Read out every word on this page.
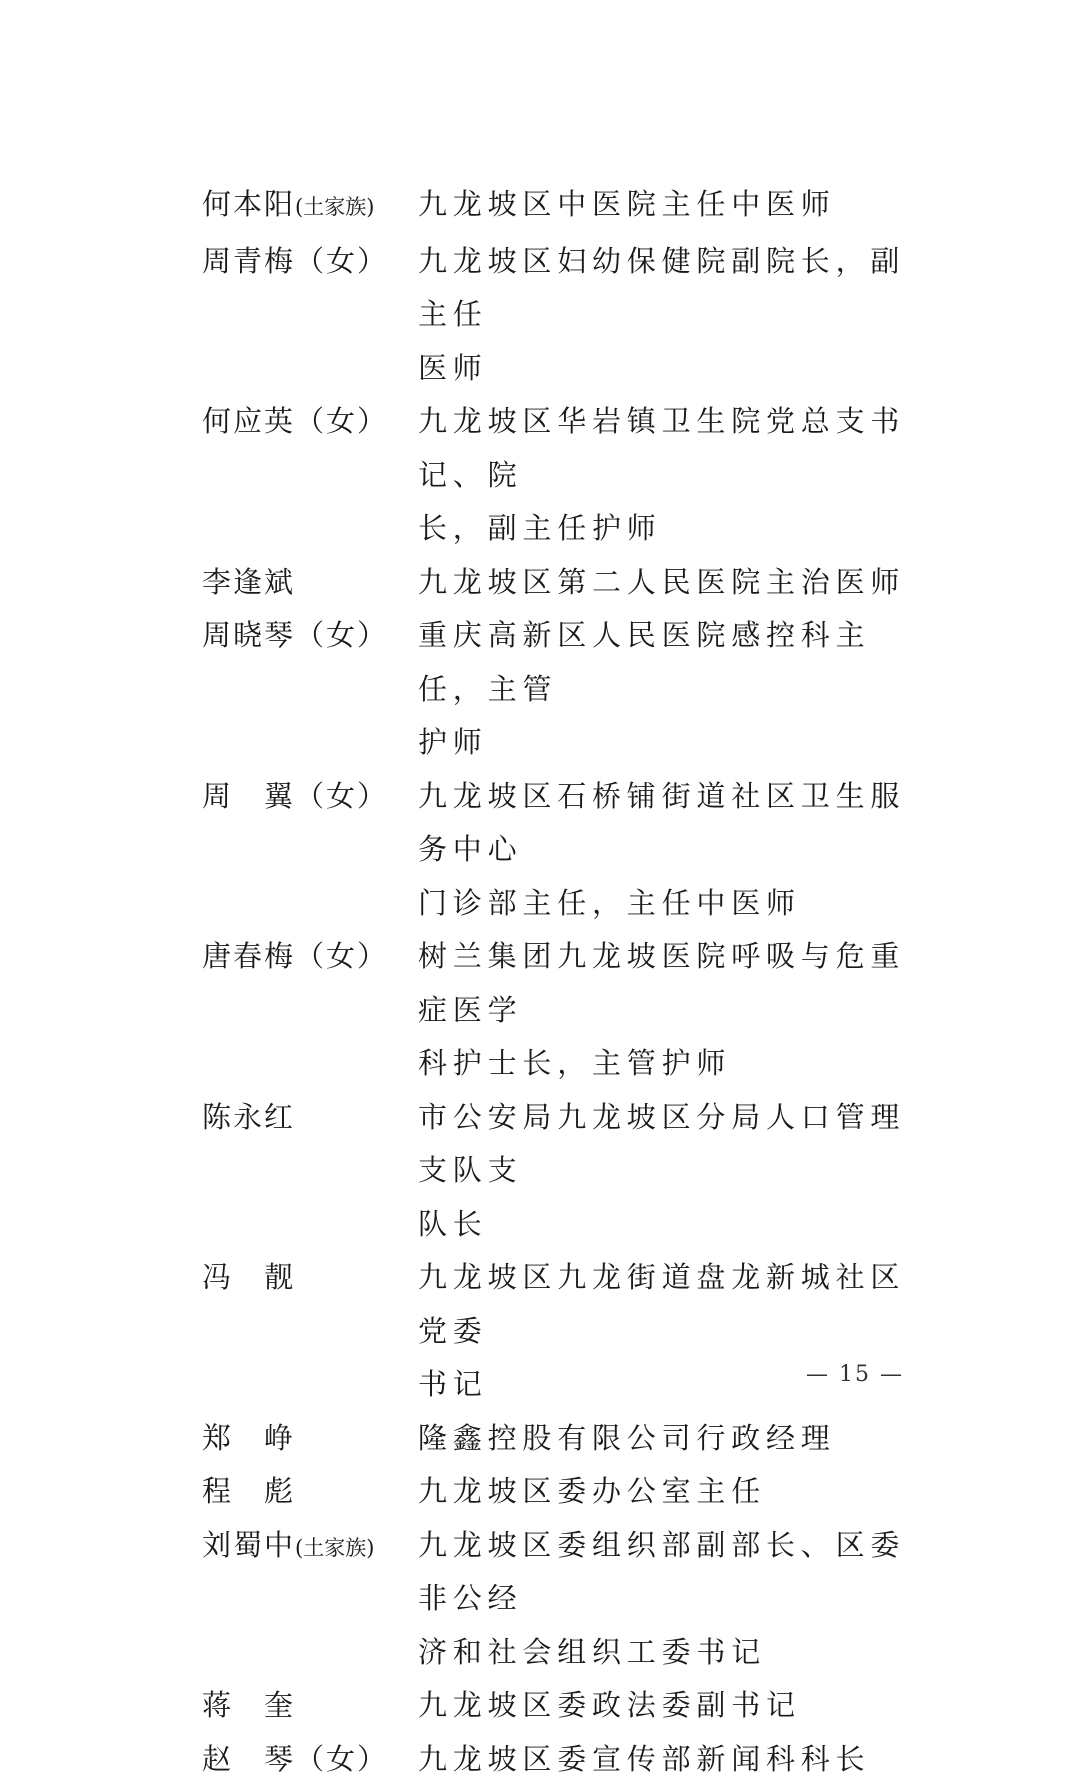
何本阳(土家族)	九龙坡区中医院主任中医师
周青梅（女）	九龙坡区妇幼保健院副院长，副主任
医师
何应英（女）	九龙坡区华岩镇卫生院党总支书记、院
长，副主任护师
李逢斌	九龙坡区第二人民医院主治医师
周晓琴（女）	重庆高新区人民医院感控科主任，主管
护师
周　翼（女）	九龙坡区石桥铺街道社区卫生服务中心
门诊部主任，主任中医师
唐春梅（女）	树兰集团九龙坡医院呼吸与危重症医学
科护士长，主管护师
陈永红	市公安局九龙坡区分局人口管理支队支
队长
冯　靓	九龙坡区九龙街道盘龙新城社区党委
书记
郑　峥	隆鑫控股有限公司行政经理
程　彪	九龙坡区委办公室主任
刘蜀中(土家族)	九龙坡区委组织部副部长、区委非公经
济和社会组织工委书记
蒋　奎	九龙坡区委政法委副书记
赵　琴（女）	九龙坡区委宣传部新闻科科长
— 15 —
